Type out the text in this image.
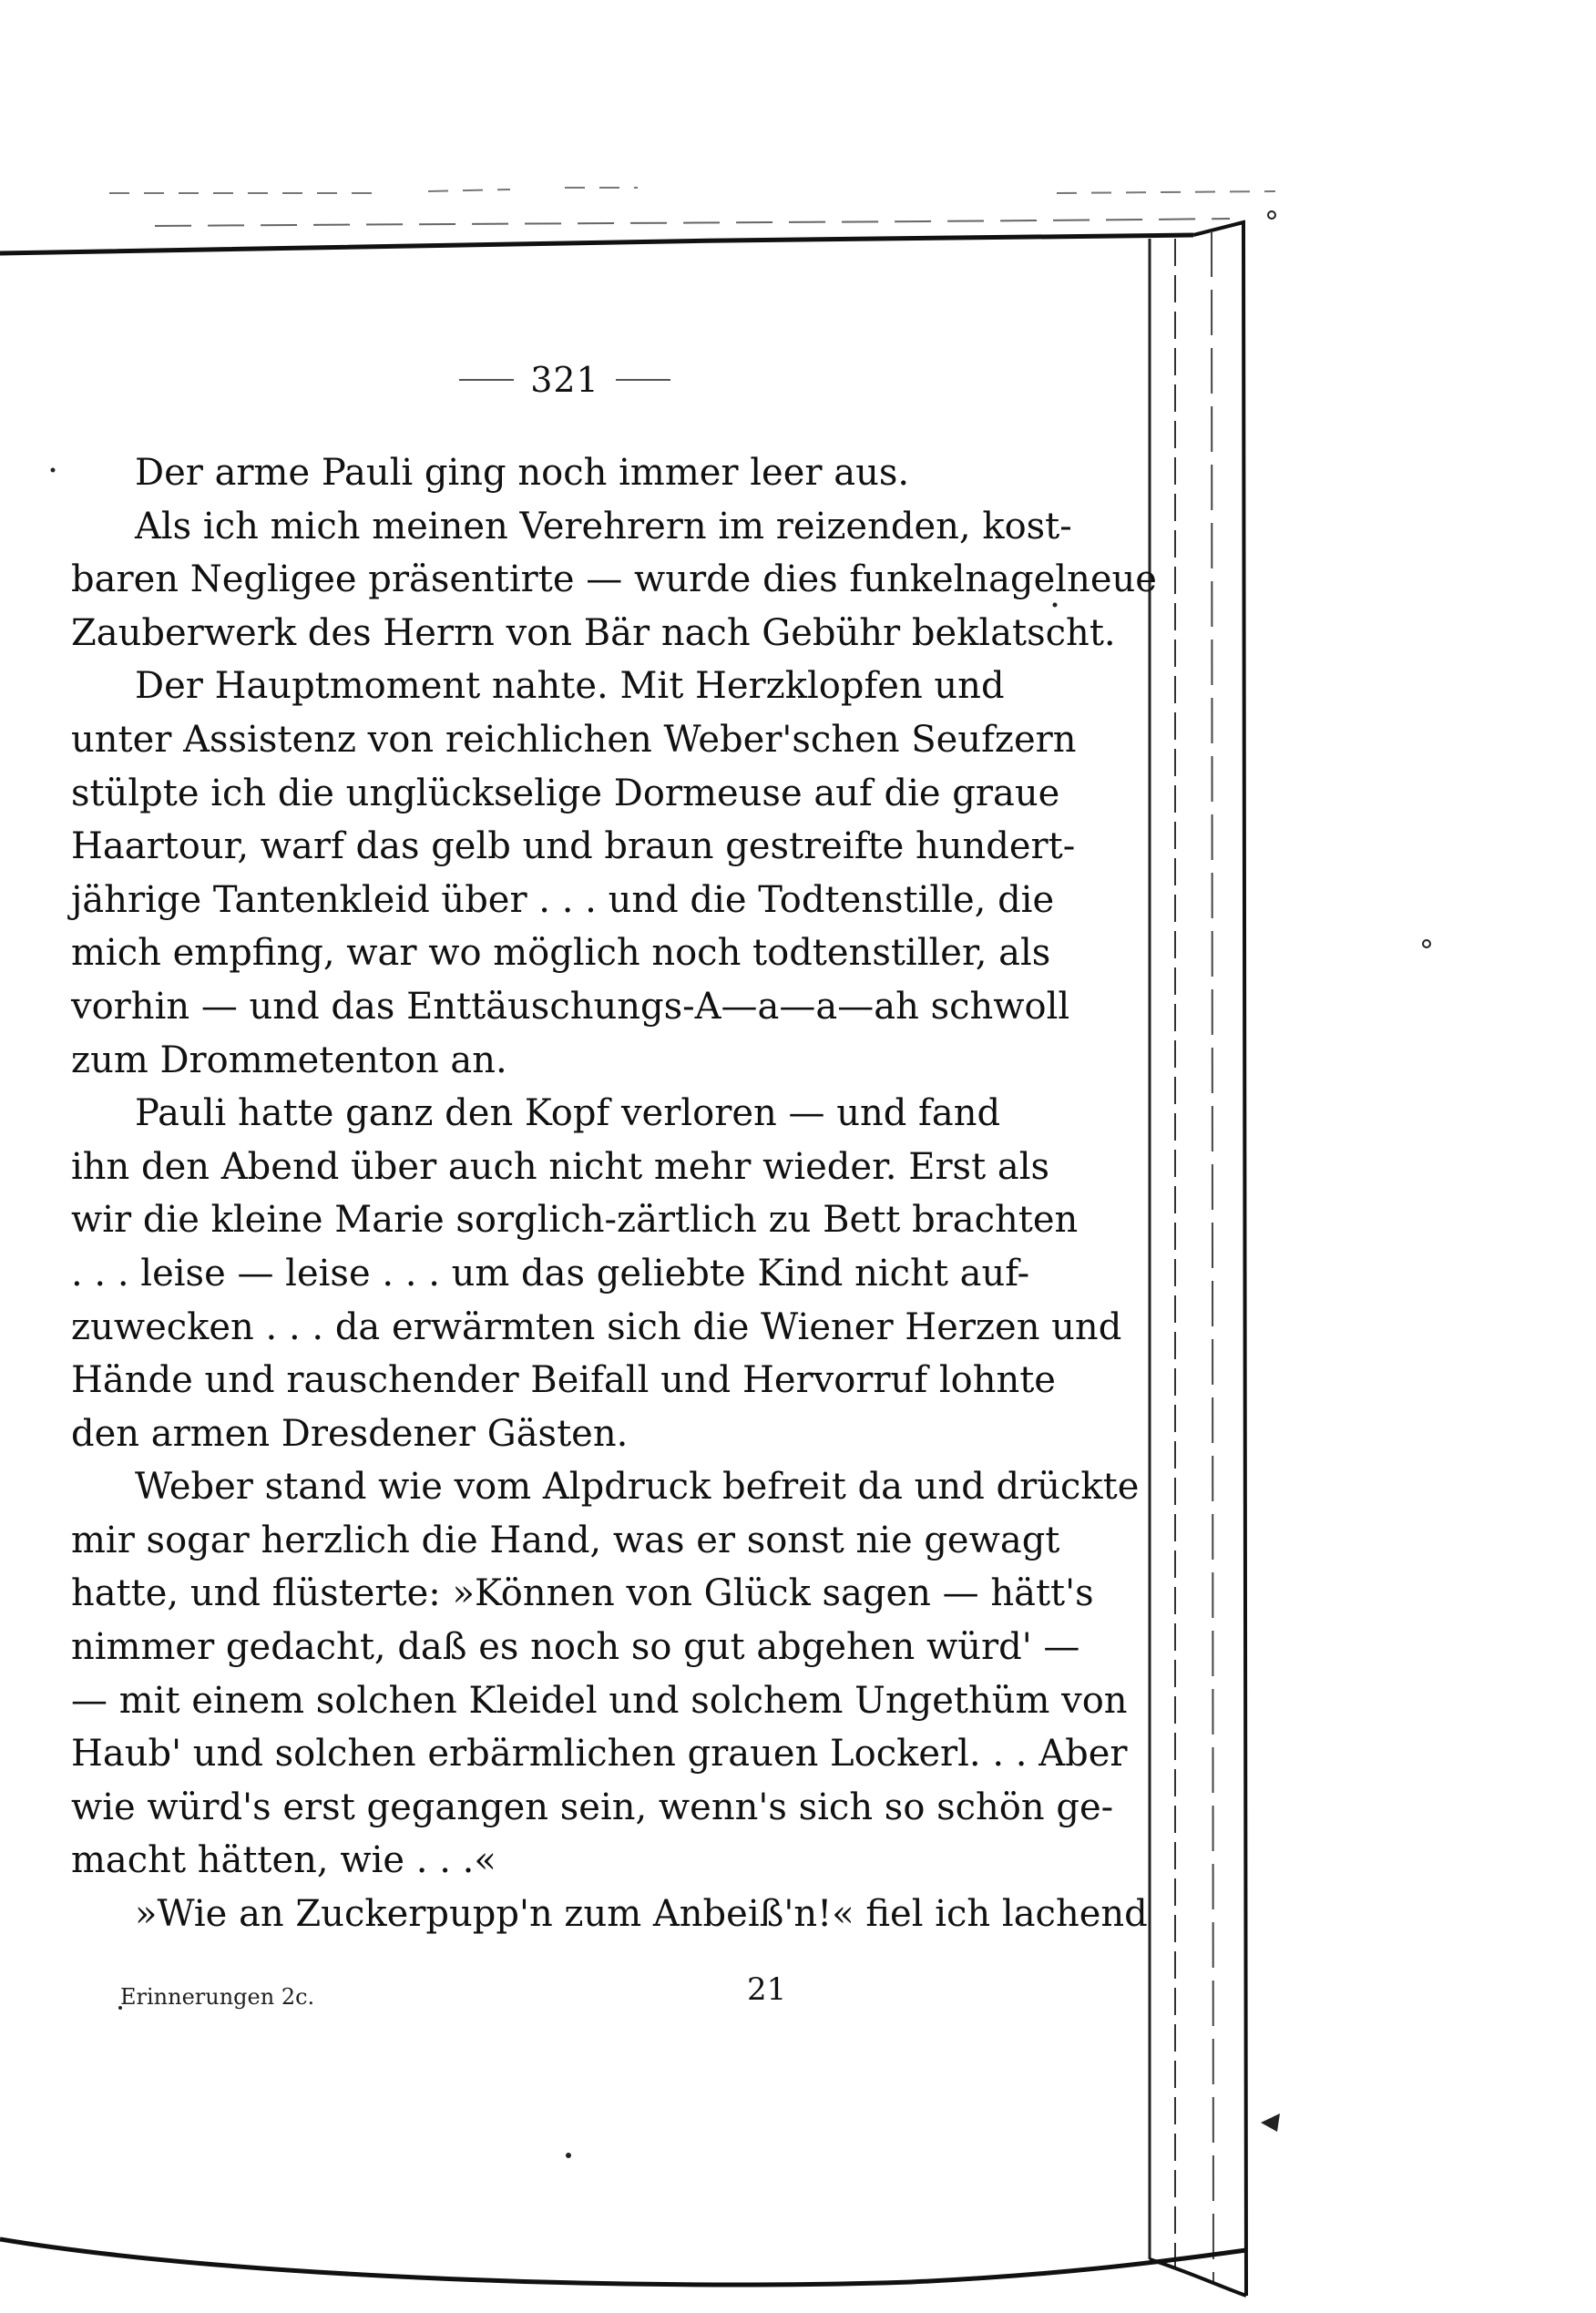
321
Der arme Pauli ging noch immer leer aus.
Als ich mich meinen Verehrern im reizenden, kost-
baren Negligee präsentirte — wurde dies funkelnagelneue
Zauberwerk des Herrn von Bär nach Gebühr beklatscht.
Der Hauptmoment nahte. Mit Herzklopfen und
unter Assistenz von reichlichen Weber'schen Seufzern
stülpte ich die unglückselige Dormeuse auf die graue
Haartour, warf das gelb und braun gestreifte hundert-
jährige Tantenkleid über . . . und die Todtenstille, die
mich empfing, war wo möglich noch todtenstiller, als
vorhin — und das Enttäuschungs-A—a—a—ah schwoll
zum Drommetenton an.
Pauli hatte ganz den Kopf verloren — und fand
ihn den Abend über auch nicht mehr wieder. Erst als
wir die kleine Marie sorglich-zärtlich zu Bett brachten
. . . leise — leise . . . um das geliebte Kind nicht auf-
zuwecken . . . da erwärmten sich die Wiener Herzen und
Hände und rauschender Beifall und Hervorruf lohnte
den armen Dresdener Gästen.
Weber stand wie vom Alpdruck befreit da und drückte
mir sogar herzlich die Hand, was er sonst nie gewagt
hatte, und flüsterte: »Können von Glück sagen — hätt's
nimmer gedacht, daß es noch so gut abgehen würd' —
— mit einem solchen Kleidel und solchem Ungethüm von
Haub' und solchen erbärmlichen grauen Lockerl. . . Aber
wie würd's erst gegangen sein, wenn's sich so schön ge-
macht hätten, wie . . .«
»Wie an Zuckerpupp'n zum Anbeiß'n!« fiel ich lachend
Erinnerungen 2c.	21
